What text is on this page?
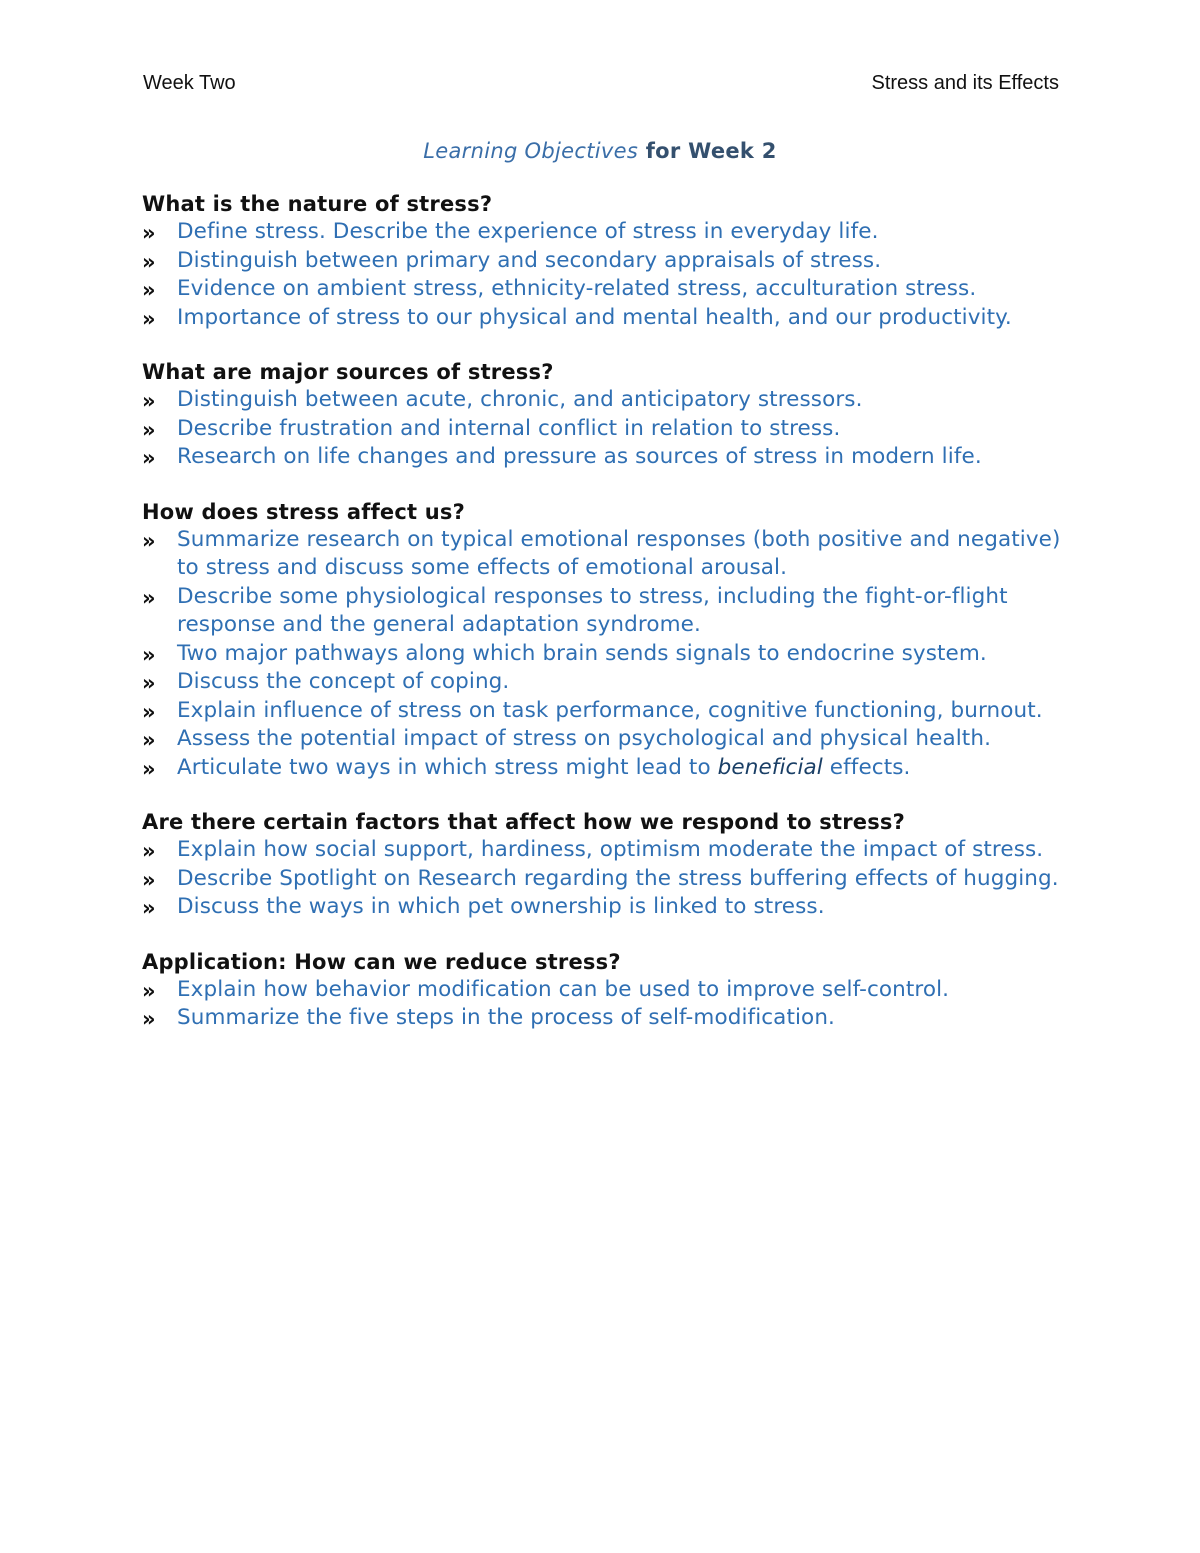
Week Two	Stress and its Effects
Learning Objectives for Week 2
What is the nature of stress?
» Define stress. Describe the experience of stress in everyday life.
» Distinguish between primary and secondary appraisals of stress.
» Evidence on ambient stress, ethnicity-related stress, acculturation stress.
» Importance of stress to our physical and mental health, and our productivity.
What are major sources of stress?
» Distinguish between acute, chronic, and anticipatory stressors.
» Describe frustration and internal conflict in relation to stress.
» Research on life changes and pressure as sources of stress in modern life.
How does stress affect us?
» Summarize research on typical emotional responses (both positive and negative) to stress and discuss some effects of emotional arousal.
» Describe some physiological responses to stress, including the fight-or-flight response and the general adaptation syndrome.
» Two major pathways along which brain sends signals to endocrine system.
» Discuss the concept of coping.
» Explain influence of stress on task performance, cognitive functioning, burnout.
» Assess the potential impact of stress on psychological and physical health.
» Articulate two ways in which stress might lead to beneficial effects.
Are there certain factors that affect how we respond to stress?
» Explain how social support, hardiness, optimism moderate the impact of stress.
» Describe Spotlight on Research regarding the stress buffering effects of hugging.
» Discuss the ways in which pet ownership is linked to stress.
Application: How can we reduce stress?
» Explain how behavior modification can be used to improve self-control.
» Summarize the five steps in the process of self-modification.
